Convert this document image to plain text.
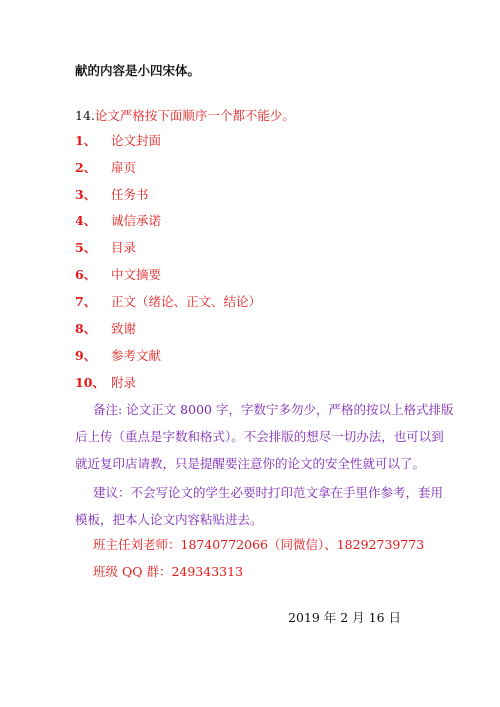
献的内容是小四宋体。
14.论文严格按下面顺序一个都不能少。
1、 论文封面
2、 扉页
3、 任务书
4、 诚信承诺
5、 目录
6、 中文摘要
7、 正文（绪论、正文、结论）
8、 致谢
9、 参考文献
10、 附录
备注: 论文正文 8000 字，字数宁多勿少，严格的按以上格式排版
后上传（重点是字数和格式）。不会排版的想尽一切办法，也可以到
就近复印店请教，只是提醒要注意你的论文的安全性就可以了。
建议：不会写论文的学生必要时打印范文拿在手里作参考，套用
模板，把本人论文内容粘贴进去。
班主任刘老师：18740772066（同微信）、18292739773
班级 QQ 群：249343313
2019 年 2 月 16 日
